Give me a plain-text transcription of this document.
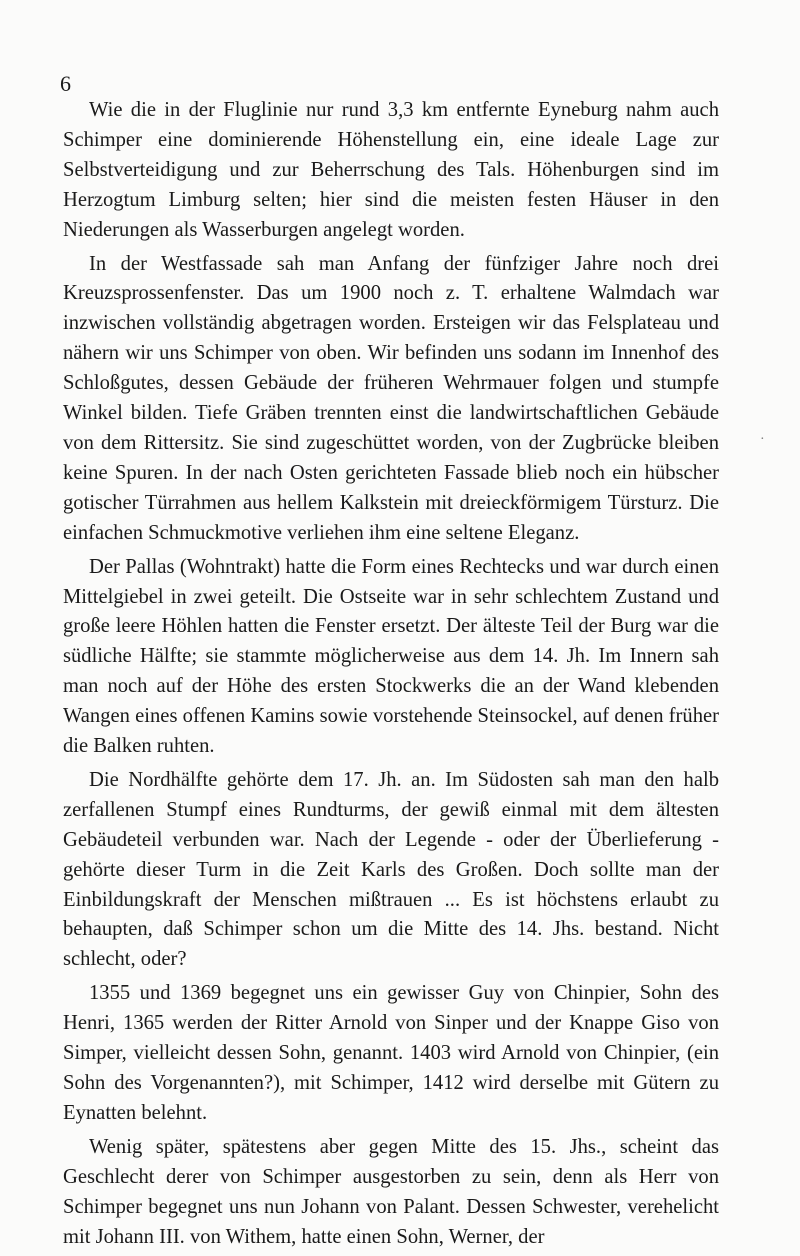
6

Wie die in der Fluglinie nur rund 3,3 km entfernte Eyneburg nahm auch Schimper eine dominierende Höhenstellung ein, eine ideale Lage zur Selbstverteidigung und zur Beherrschung des Tals. Höhenburgen sind im Herzogtum Limburg selten; hier sind die meisten festen Häuser in den Niederungen als Wasserburgen angelegt worden.

In der Westfassade sah man Anfang der fünfziger Jahre noch drei Kreuzsprossenfenster. Das um 1900 noch z. T. erhaltene Walmdach war inzwischen vollständig abgetragen worden. Ersteigen wir das Felsplateau und nähern wir uns Schimper von oben. Wir befinden uns sodann im Innenhof des Schloßgutes, dessen Gebäude der früheren Wehrmauer folgen und stumpfe Winkel bilden. Tiefe Gräben trennten einst die landwirtschaftlichen Gebäude von dem Rittersitz. Sie sind zugeschüttet worden, von der Zugbrücke bleiben keine Spuren. In der nach Osten gerichteten Fassade blieb noch ein hübscher gotischer Türrahmen aus hellem Kalkstein mit dreieckförmigem Türsturz. Die einfachen Schmuckmotive verliehen ihm eine seltene Eleganz.

Der Pallas (Wohntrakt) hatte die Form eines Rechtecks und war durch einen Mittelgiebel in zwei geteilt. Die Ostseite war in sehr schlechtem Zustand und große leere Höhlen hatten die Fenster ersetzt. Der älteste Teil der Burg war die südliche Hälfte; sie stammte möglicherweise aus dem 14. Jh. Im Innern sah man noch auf der Höhe des ersten Stockwerks die an der Wand klebenden Wangen eines offenen Kamins sowie vorstehende Steinsockel, auf denen früher die Balken ruhten.

Die Nordhälfte gehörte dem 17. Jh. an. Im Südosten sah man den halb zerfallenen Stumpf eines Rundturms, der gewiß einmal mit dem ältesten Gebäudeteil verbunden war. Nach der Legende - oder der Überlieferung - gehörte dieser Turm in die Zeit Karls des Großen. Doch sollte man der Einbildungskraft der Menschen mißtrauen ... Es ist höchstens erlaubt zu behaupten, daß Schimper schon um die Mitte des 14. Jhs. bestand. Nicht schlecht, oder?

1355 und 1369 begegnet uns ein gewisser Guy von Chinpier, Sohn des Henri, 1365 werden der Ritter Arnold von Sinper und der Knappe Giso von Simper, vielleicht dessen Sohn, genannt. 1403 wird Arnold von Chinpier, (ein Sohn des Vorgenannten?), mit Schimper, 1412 wird derselbe mit Gütern zu Eynatten belehnt.

Wenig später, spätestens aber gegen Mitte des 15. Jhs., scheint das Geschlecht derer von Schimper ausgestorben zu sein, denn als Herr von Schimper begegnet uns nun Johann von Palant. Dessen Schwester, verehelicht mit Johann III. von Withem, hatte einen Sohn, Werner, der

·
